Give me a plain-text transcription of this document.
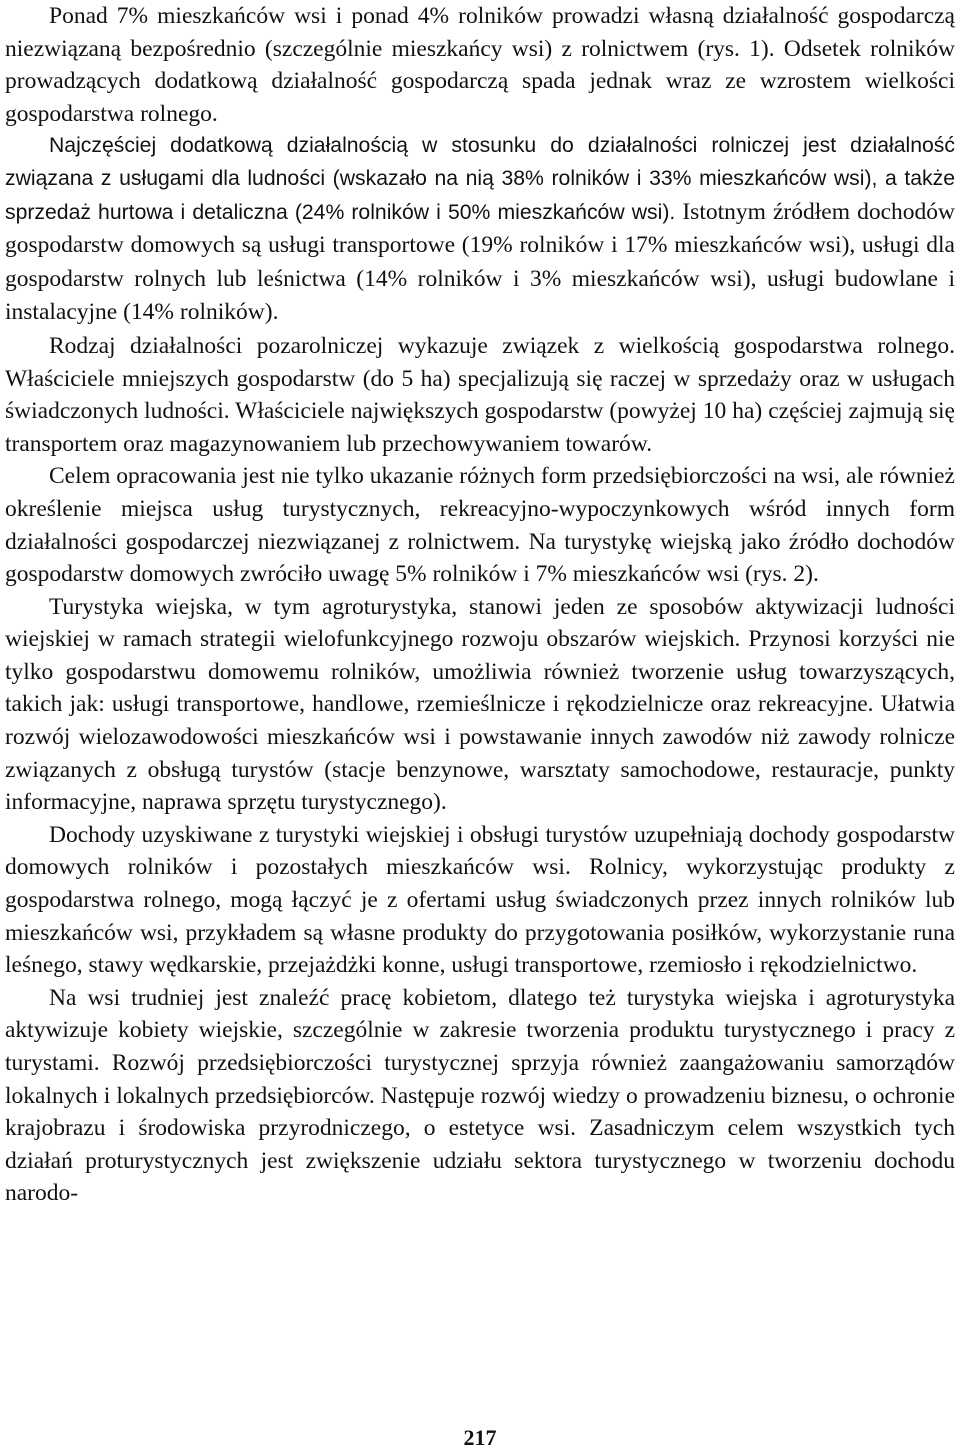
Ponad 7% mieszkańców wsi i ponad 4% rolników prowadzi własną działalność gospodarczą niezwiązaną bezpośrednio (szczególnie mieszkańcy wsi) z rolnictwem (rys. 1). Odsetek rolników prowadzących dodatkową działalność gospodarczą spada jednak wraz ze wzrostem wielkości gospodarstwa rolnego.

Najczęściej dodatkową działalnością w stosunku do działalności rolniczej jest działalność związana z usługami dla ludności (wskazało na nią 38% rolników i 33% mieszkańców wsi), a także sprzedaż hurtowa i detaliczna (24% rolników i 50% mieszkańców wsi). Istotnym źródłem dochodów gospodarstw domowych są usługi transportowe (19% rolników i 17% mieszkańców wsi), usługi dla gospodarstw rolnych lub leśnictwa (14% rolników i 3% mieszkańców wsi), usługi budowlane i instalacyjne (14% rolników).

Rodzaj działalności pozarolniczej wykazuje związek z wielkością gospodarstwa rolnego. Właściciele mniejszych gospodarstw (do 5 ha) specjalizują się raczej w sprzedaży oraz w usługach świadczonych ludności. Właściciele największych gospodarstw (powyżej 10 ha) częściej zajmują się transportem oraz magazynowaniem lub przechowywaniem towarów.

Celem opracowania jest nie tylko ukazanie różnych form przedsiębiorczości na wsi, ale również określenie miejsca usług turystycznych, rekreacyjno-wypoczynkowych wśród innych form działalności gospodarczej niezwiązanej z rolnictwem. Na turystykę wiejską jako źródło dochodów gospodarstw domowych zwróciło uwagę 5% rolników i 7% mieszkańców wsi (rys. 2).

Turystyka wiejska, w tym agroturystyka, stanowi jeden ze sposobów aktywizacji ludności wiejskiej w ramach strategii wielofunkcyjnego rozwoju obszarów wiejskich. Przynosi korzyści nie tylko gospodarstwu domowemu rolników, umożliwia również tworzenie usług towarzyszących, takich jak: usługi transportowe, handlowe, rzemieślnicze i rękodzielnicze oraz rekreacyjne. Ułatwia rozwój wielozawodowości mieszkańców wsi i powstawanie innych zawodów niż zawody rolnicze związanych z obsługą turystów (stacje benzynowe, warsztaty samochodowe, restauracje, punkty informacyjne, naprawa sprzętu turystycznego).

Dochody uzyskiwane z turystyki wiejskiej i obsługi turystów uzupełniają dochody gospodarstw domowych rolników i pozostałych mieszkańców wsi. Rolnicy, wykorzystując produkty z gospodarstwa rolnego, mogą łączyć je z ofertami usług świadczonych przez innych rolników lub mieszkańców wsi, przykładem są własne produkty do przygotowania posiłków, wykorzystanie runa leśnego, stawy wędkarskie, przejażdżki konne, usługi transportowe, rzemiosło i rękodzielnictwo.

Na wsi trudniej jest znaleźć pracę kobietom, dlatego też turystyka wiejska i agroturystyka aktywizuje kobiety wiejskie, szczególnie w zakresie tworzenia produktu turystycznego i pracy z turystami. Rozwój przedsiębiorczości turystycznej sprzyja również zaangażowaniu samorządów lokalnych i lokalnych przedsiębiorców. Następuje rozwój wiedzy o prowadzeniu biznesu, o ochronie krajobrazu i środowiska przyrodniczego, o estetyce wsi. Zasadniczym celem wszystkich tych działań proturystycznych jest zwiększenie udziału sektora turystycznego w tworzeniu dochodu narodo-

217
